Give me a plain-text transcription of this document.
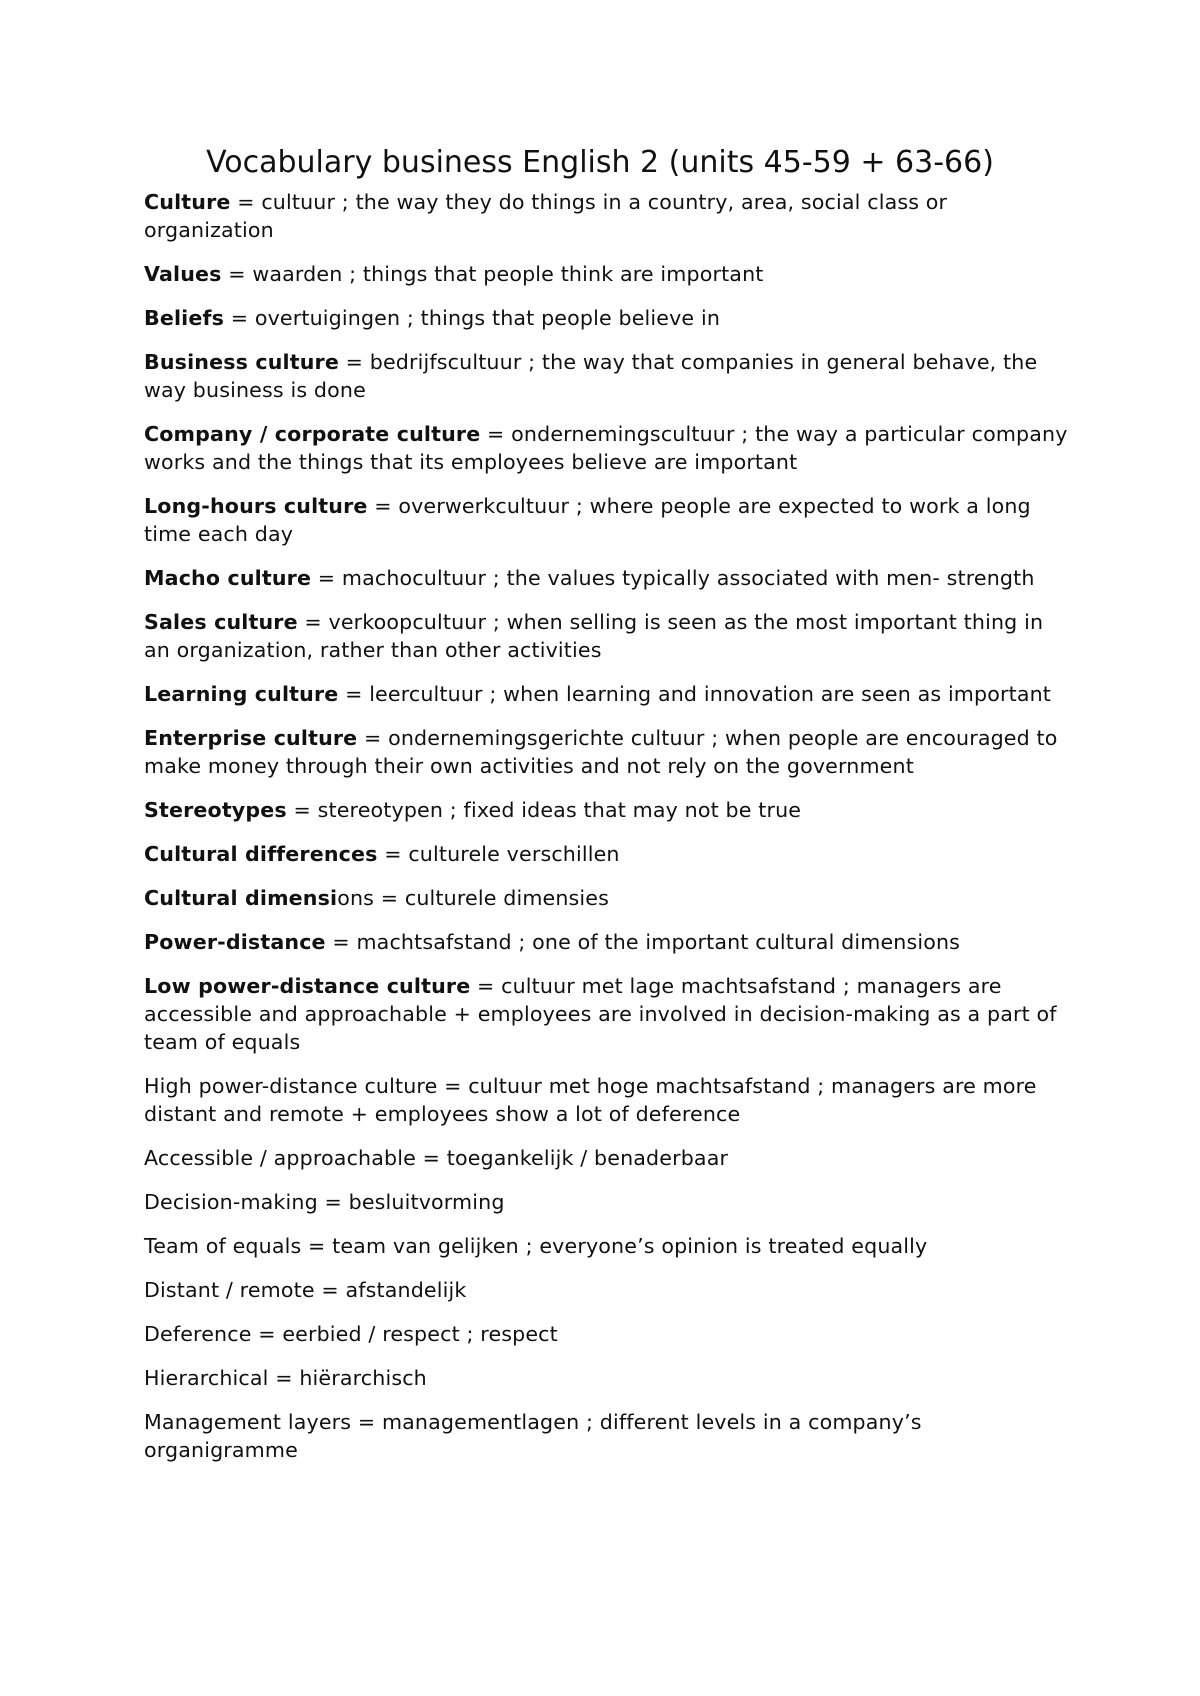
Vocabulary business English 2 (units 45-59 + 63-66)

Culture = cultuur ; the way they do things in a country, area, social class or organization

Values = waarden ; things that people think are important

Beliefs = overtuigingen ; things that people believe in

Business culture = bedrijfscultuur ; the way that companies in general behave, the way business is done

Company / corporate culture = ondernemingscultuur ; the way a particular company works and the things that its employees believe are important

Long-hours culture = overwerkcultuur ; where people are expected to work a long time each day

Macho culture = machocultuur ; the values typically associated with men- strength

Sales culture = verkoopcultuur ; when selling is seen as the most important thing in an organization, rather than other activities

Learning culture = leercultuur ; when learning and innovation are seen as important

Enterprise culture = ondernemingsgerichte cultuur ; when people are encouraged to make money through their own activities and not rely on the government

Stereotypes = stereotypen ; fixed ideas that may not be true

Cultural differences = culturele verschillen

Cultural dimensions = culturele dimensies

Power-distance = machtsafstand ; one of the important cultural dimensions

Low power-distance culture = cultuur met lage machtsafstand ; managers are accessible and approachable + employees are involved in decision-making as a part of team of equals

High power-distance culture = cultuur met hoge machtsafstand ; managers are more distant and remote + employees show a lot of deference

Accessible / approachable = toegankelijk / benaderbaar

Decision-making = besluitvorming

Team of equals = team van gelijken ; everyone’s opinion is treated equally

Distant / remote = afstandelijk

Deference = eerbied / respect ; respect

Hierarchical = hiërarchisch

Management layers = managementlagen ; different levels in a company’s organigramme
